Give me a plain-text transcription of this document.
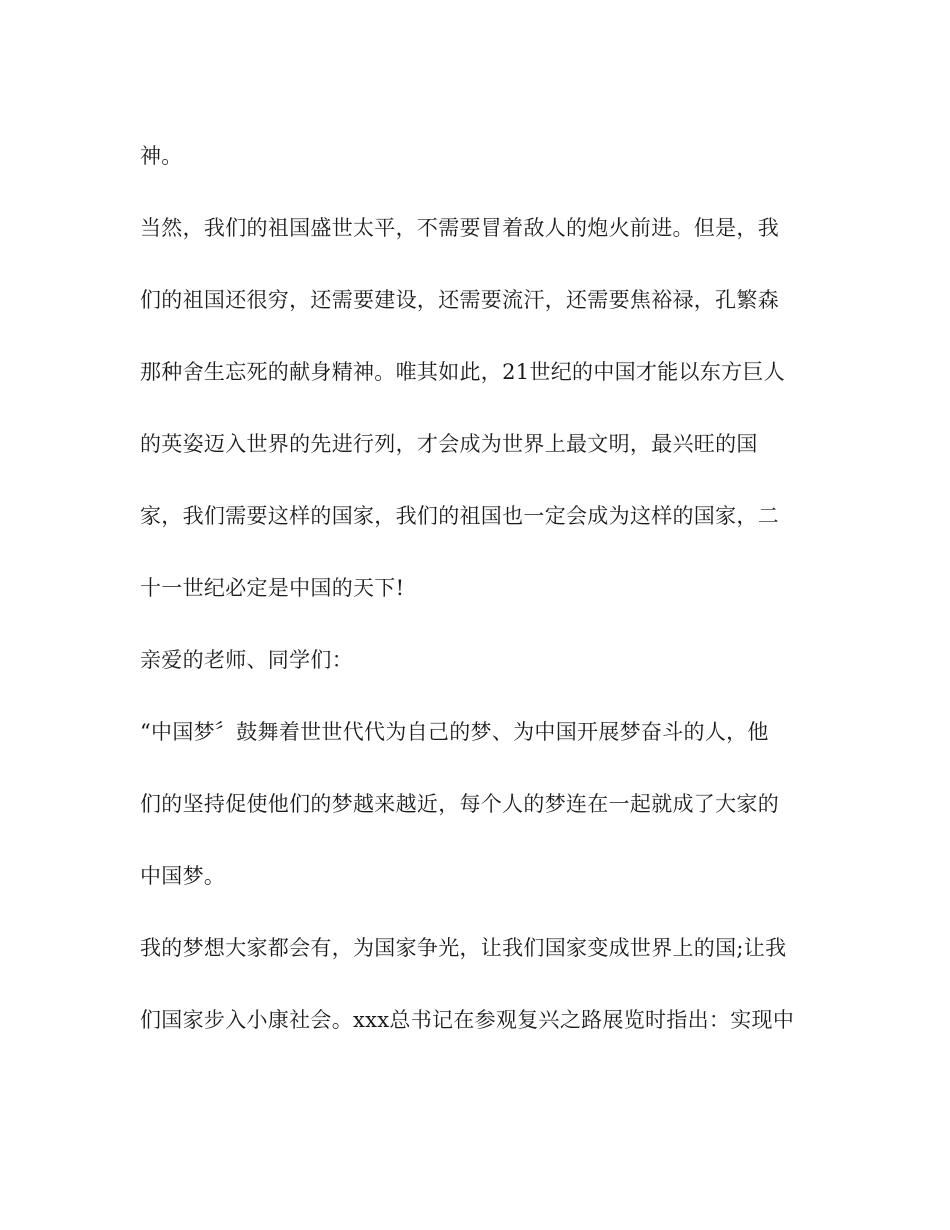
神。
当然，我们的祖国盛世太平，不需要冒着敌人的炮火前进。但是，我
们的祖国还很穷，还需要建设，还需要流汗，还需要焦裕禄，孔繁森
那种舍生忘死的献身精神。唯其如此，21世纪的中国才能以东方巨人
的英姿迈入世界的先进行列，才会成为世界上最文明，最兴旺的国
家，我们需要这样的国家，我们的祖国也一定会成为这样的国家，二
十一世纪必定是中国的天下!
亲爱的老师、同学们：
“中国梦〞鼓舞着世世代代为自己的梦、为中国开展梦奋斗的人，他
们的坚持促使他们的梦越来越近，每个人的梦连在一起就成了大家的
中国梦。
我的梦想大家都会有，为国家争光，让我们国家变成世界上的国;让我
们国家步入小康社会。xxx总书记在参观复兴之路展览时指出：实现中
